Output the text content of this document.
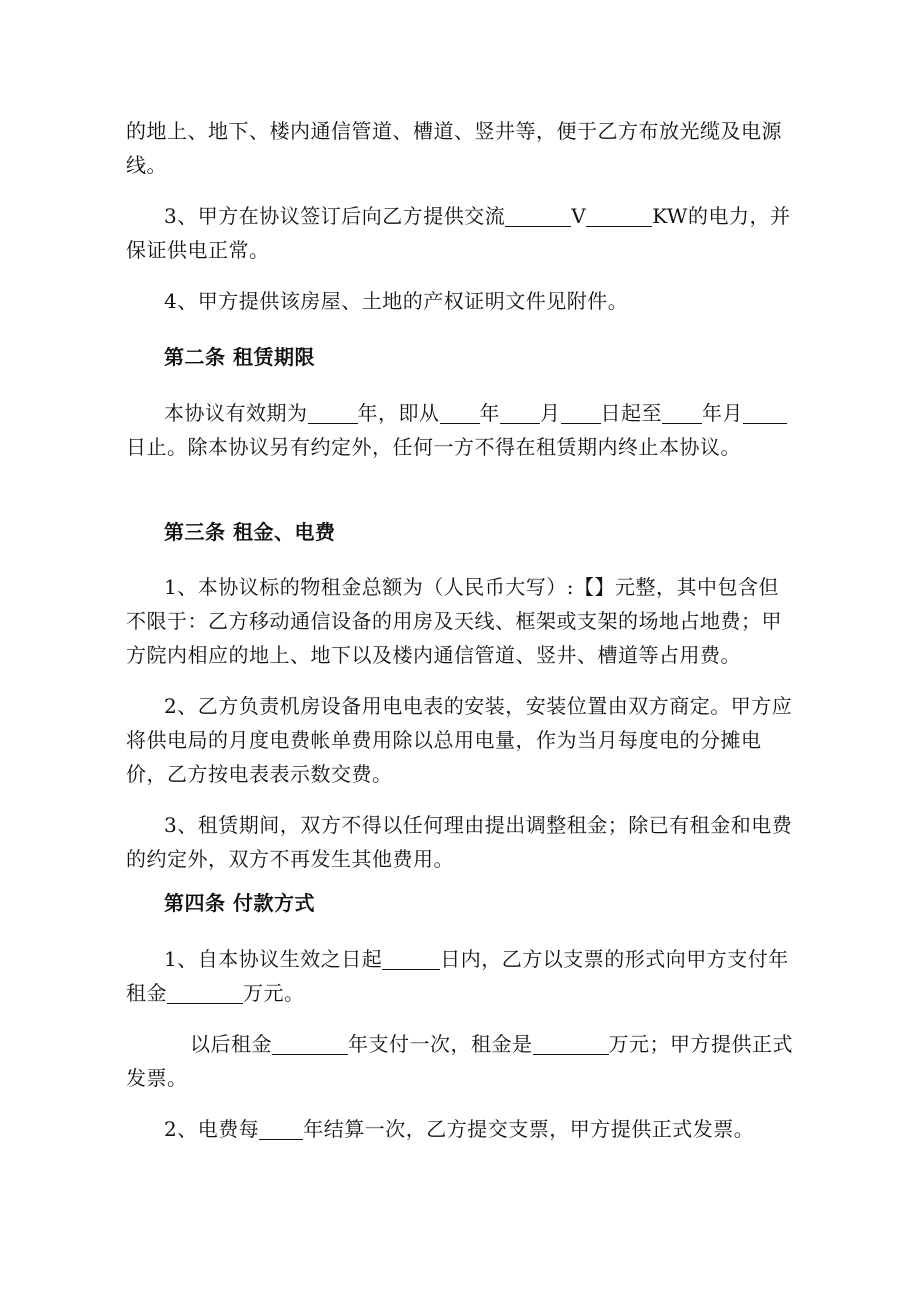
的地上、地下、楼内通信管道、槽道、竖井等，便于乙方布放光缆及电源线。

3、甲方在协议签订后向乙方提供交流	V	KW的电力，并保证供电正常。

4、甲方提供该房屋、土地的产权证明文件见附件。

第二条 租赁期限

本协议有效期为	年，即从 年 月 日起至 年月日止。除本协议另有约定外，任何一方不得在租赁期内终止本协议。

第三条 租金、电费

1、本协议标的物租金总额为（人民币大写）:【】元整，其中包含但不限于：乙方移动通信设备的用房及天线、框架或支架的场地占地费；甲方院内相应的地上、地下以及楼内通信管道、竖井、槽道等占用费。

2、乙方负责机房设备用电电表的安装，安装位置由双方商定。甲方应将供电局的月度电费帐单费用除以总用电量，作为当月每度电的分摊电价，乙方按电表表示数交费。

3、租赁期间，双方不得以任何理由提出调整租金；除已有租金和电费的约定外，双方不再发生其他费用。

第四条 付款方式

1、自本协议生效之日起	日内，乙方以支票的形式向甲方支付年租金	万元。

以后租金	年支付一次，租金是	万元；甲方提供正式发票。

2、电费每 年结算一次，乙方提交支票，甲方提供正式发票。
